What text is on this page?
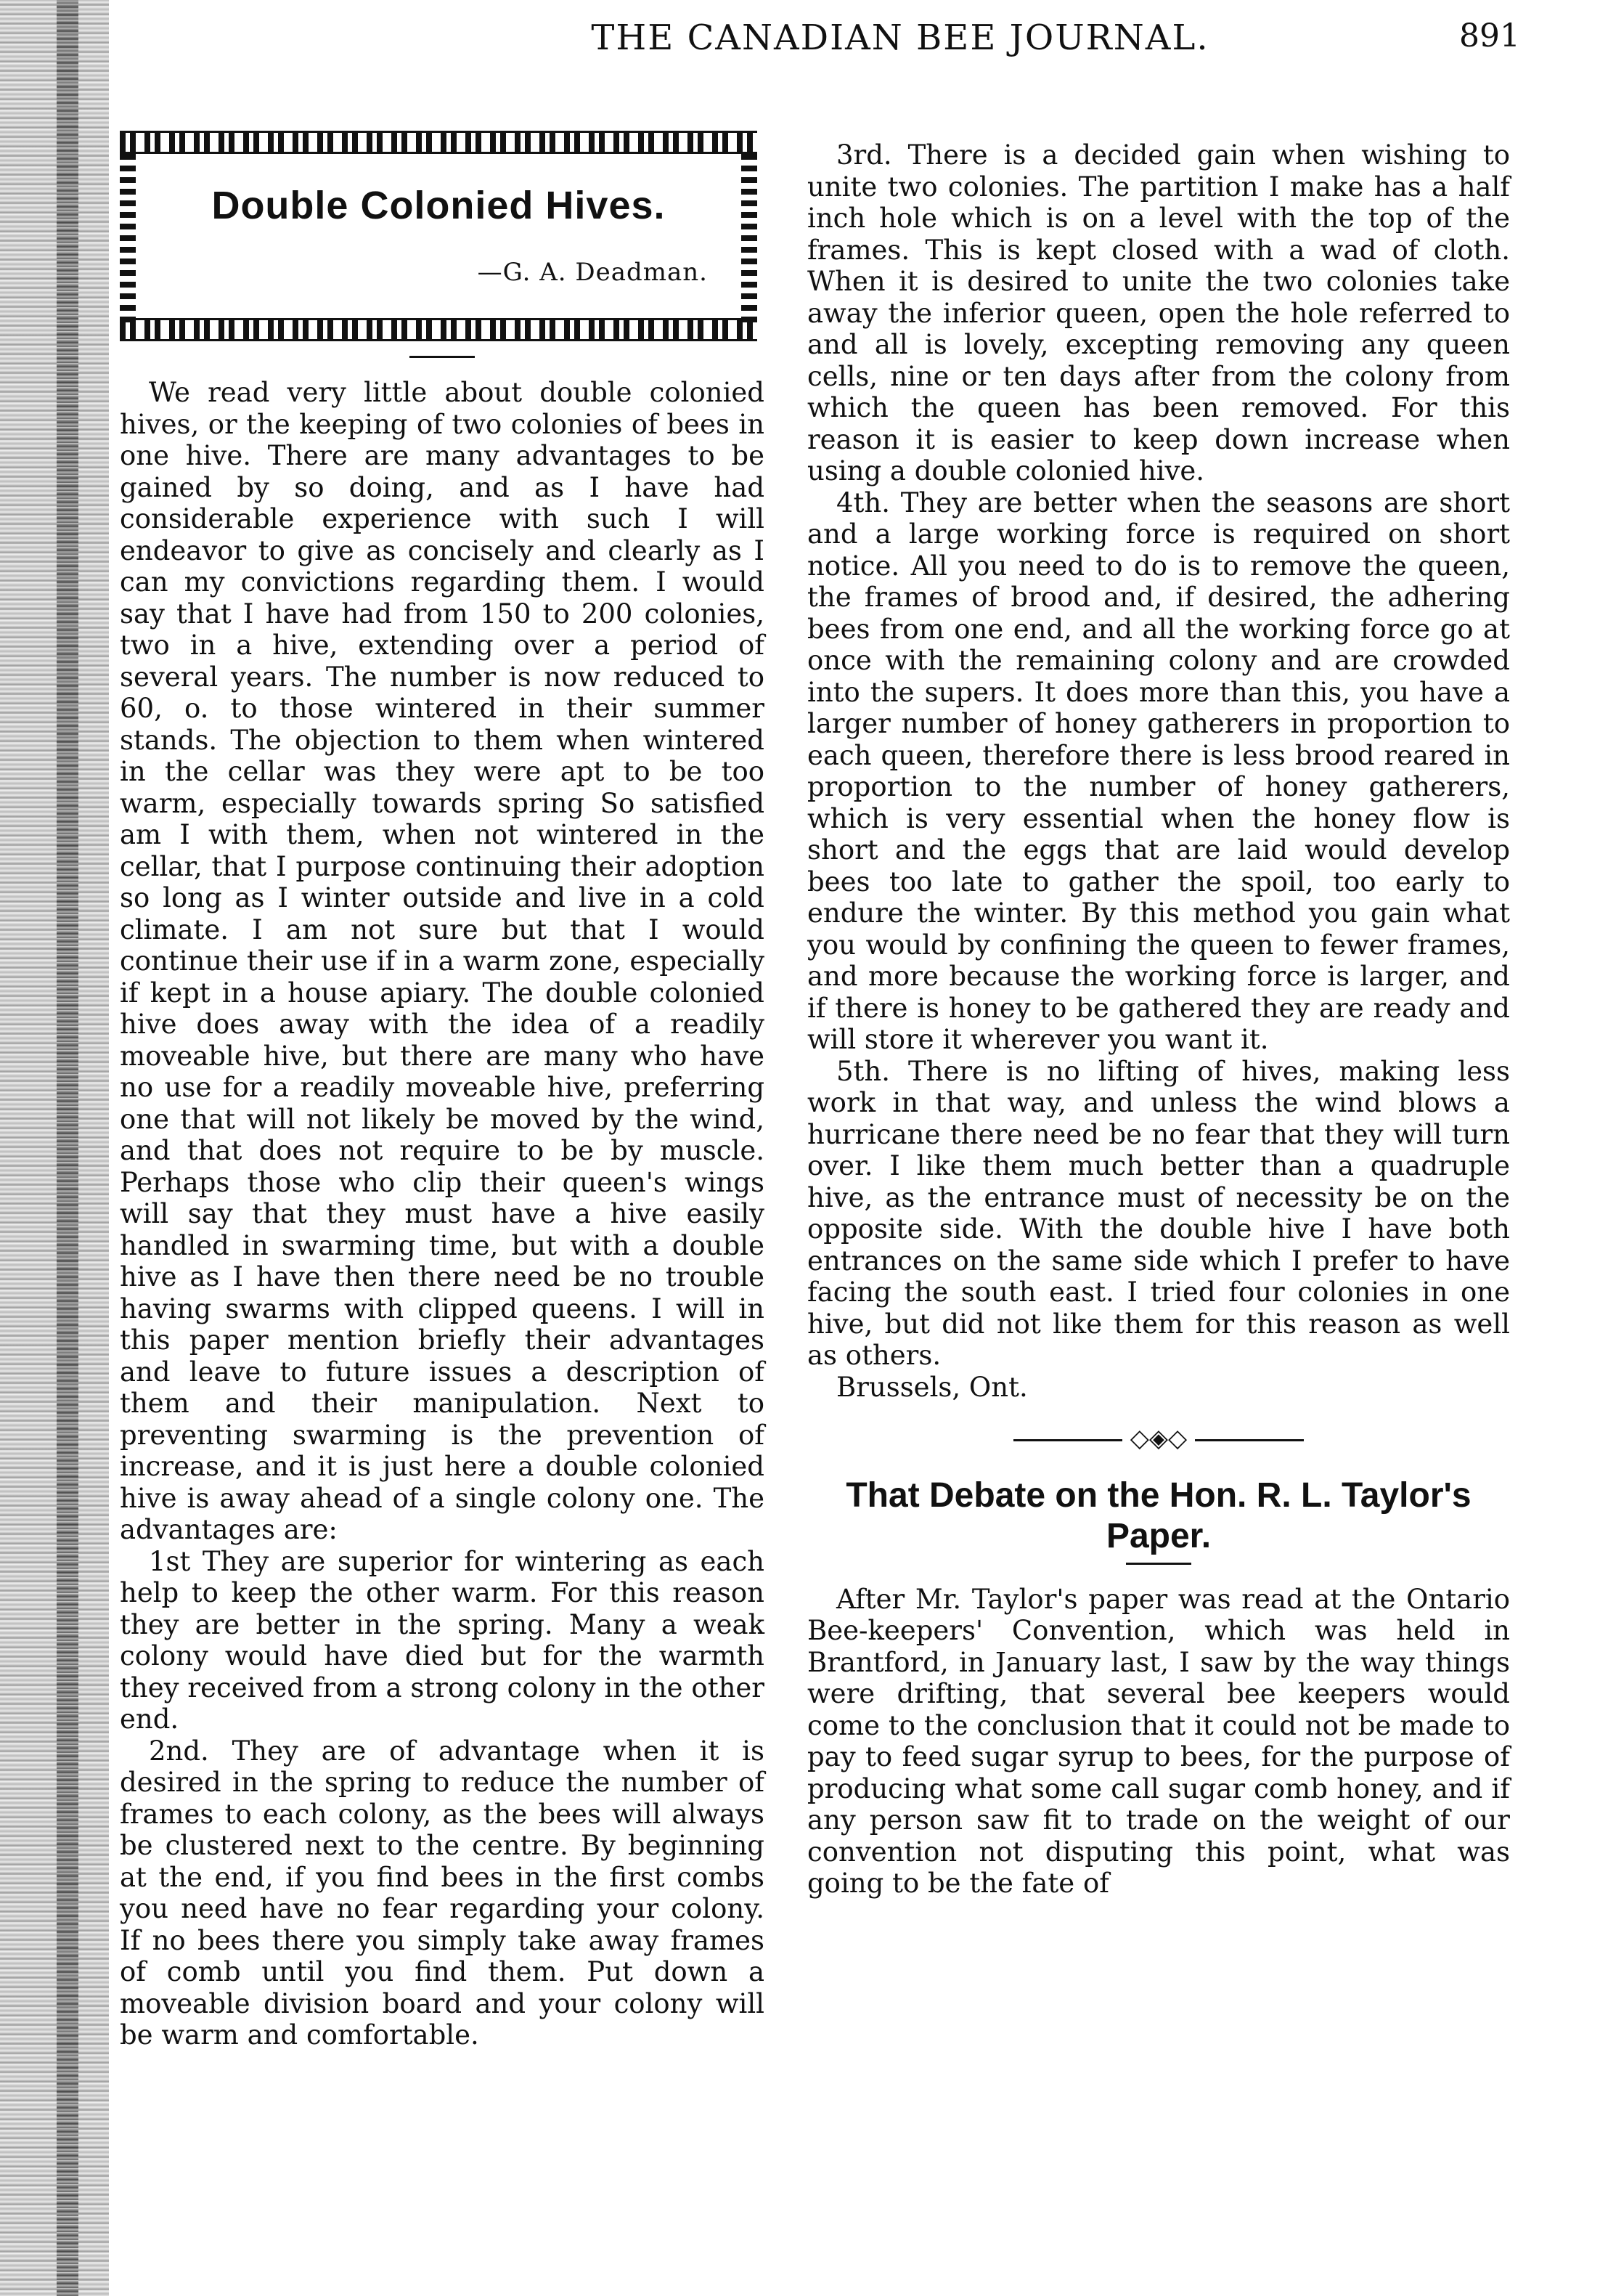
THE CANADIAN BEE JOURNAL.	891
Double Colonied Hives.
—G. A. Deadman.

We read very little about double colonied hives, or the keeping of two colonies of bees in one hive. There are many advantages to be gained by so doing, and as I have had considerable experience with such I will endeavor to give as concisely and clearly as I can my convictions regarding them. I would say that I have had from 150 to 200 colonies, two in a hive, extending over a period of several years. The number is now reduced to 60, o. to those wintered in their summer stands. The objection to them when wintered in the cellar was they were apt to be too warm, especially towards spring So satisfied am I with them, when not wintered in the cellar, that I purpose continuing their adoption so long as I winter outside and live in a cold climate. I am not sure but that I would continue their use if in a warm zone, especially if kept in a house apiary. The double colonied hive does away with the idea of a readily moveable hive, but there are many who have no use for a readily moveable hive, preferring one that will not likely be moved by the wind, and that does not require to be by muscle. Perhaps those who clip their queen's wings will say that they must have a hive easily handled in swarming time, but with a double hive as I have then there need be no trouble having swarms with clipped queens. I will in this paper mention briefly their advantages and leave to future issues a description of them and their manipulation. Next to preventing swarming is the prevention of increase, and it is just here a double colonied hive is away ahead of a single colony one. The advantages are:

1st They are superior for wintering as each help to keep the other warm. For this reason they are better in the spring. Many a weak colony would have died but for the warmth they received from a strong colony in the other end.

2nd. They are of advantage when it is desired in the spring to reduce the number of frames to each colony, as the bees will always be clustered next to the centre. By beginning at the end, if you find bees in the first combs you need have no fear regarding your colony. If no bees there you simply take away frames of comb until you find them. Put down a moveable division board and your colony will be warm and comfortable.

3rd. There is a decided gain when wishing to unite two colonies. The partition I make has a half inch hole which is on a level with the top of the frames. This is kept closed with a wad of cloth. When it is desired to unite the two colonies take away the inferior queen, open the hole referred to and all is lovely, excepting removing any queen cells, nine or ten days after from the colony from which the queen has been removed. For this reason it is easier to keep down increase when using a double colonied hive.

4th. They are better when the seasons are short and a large working force is required on short notice. All you need to do is to remove the queen, the frames of brood and, if desired, the adhering bees from one end, and all the working force go at once with the remaining colony and are crowded into the supers. It does more than this, you have a larger number of honey gatherers in proportion to each queen, therefore there is less brood reared in proportion to the number of honey gatherers, which is very essential when the honey flow is short and the eggs that are laid would develop bees too late to gather the spoil, too early to endure the winter. By this method you gain what you would by confining the queen to fewer frames, and more because the working force is larger, and if there is honey to be gathered they are ready and will store it wherever you want it.

5th. There is no lifting of hives, making less work in that way, and unless the wind blows a hurricane there need be no fear that they will turn over. I like them much better than a quadruple hive, as the entrance must of necessity be on the opposite side. With the double hive I have both entrances on the same side which I prefer to have facing the south east. I tried four colonies in one hive, but did not like them for this reason as well as others.

Brussels, Ont.

◇◈◇
That Debate on the Hon. R. L. Taylor's Paper.

After Mr. Taylor's paper was read at the Ontario Bee-keepers' Convention, which was held in Brantford, in January last, I saw by the way things were drifting, that several bee keepers would come to the conclusion that it could not be made to pay to feed sugar syrup to bees, for the purpose of producing what some call sugar comb honey, and if any person saw fit to trade on the weight of our convention not disputing this point, what was going to be the fate of
